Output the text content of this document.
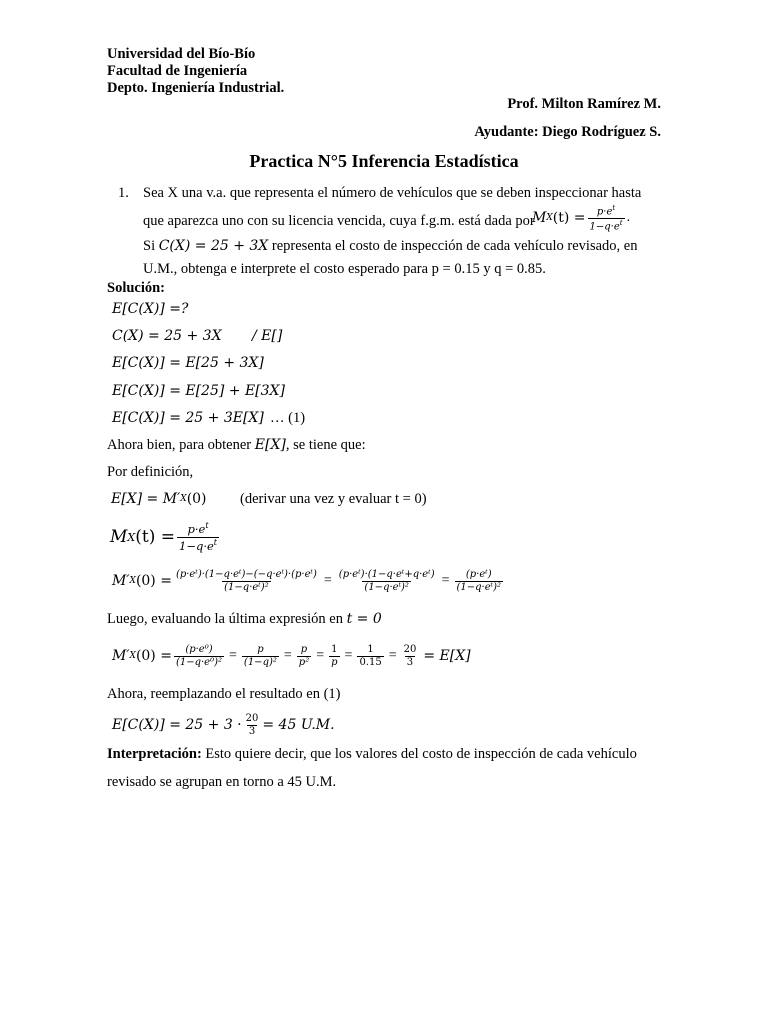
Universidad del Bío-Bío
Facultad de Ingeniería
Depto. Ingeniería Industrial.
Prof. Milton Ramírez M.
Ayudante: Diego Rodríguez S.
Practica N°5 Inferencia Estadística
1. Sea X una v.a. que representa el número de vehículos que se deben inspeccionar hasta
que aparezca uno con su licencia vencida, cuya f.g.m. está dada por
M X $(t) = \frac{p\cdot e^t}{1-q\cdot e^t}$ .
Si C(X) = 25 + 3X representa el costo de inspección de cada vehículo revisado, en
U.M., obtenga e interprete el costo esperado para p = 0.15 y q = 0.85.
Solución:
E[C(X)] =?
C(X) = 25 + 3X / E[]
E[C(X)] = E[25 + 3X]
E[C(X)] = E[25] + E[3X]
E[C(X)] = 25 + 3E[X] … (1)
Ahora bien, para obtener E[X], se tiene que:
Por definición,
E[X] = M′ X (0) (derivar una vez y evaluar t = 0)
M X $(t) = \frac{p\cdot e^t}{1-q\cdot e^t}$
M′ X $(0) = \frac{\text{(p·eᵗ)·(1−q·eᵗ)−(−q·eᵗ)·(p·eᵗ)}}{\text{(1−q·eᵗ)²}} = \frac{\text{(p·eᵗ)·(1−q·eᵗ+q·eᵗ)}}{\text{(1−q·eᵗ)²}} = \frac{\text{(p·eᵗ)}}{\text{(1−q·eᵗ)²}}$
Luego, evaluando la última expresión en t = 0
M′ X $(0) = \frac{\text{(p·e⁰)}}{\text{(1−q·e⁰)²}} = \frac{p}{\text{(1−q)²}} = \frac{p}{\text{p²}} = \frac{1}{p} = \frac{1}{0.15} = \frac{20}{3} = E[X]$
Ahora, reemplazando el resultado en (1)
$E[C(X)] = 25 + 3 \cdot \frac{20}{3} = 45$ U.M.
Interpretación: Esto quiere decir, que los valores del costo de inspección de cada vehículo
revisado se agrupan en torno a 45 U.M.
